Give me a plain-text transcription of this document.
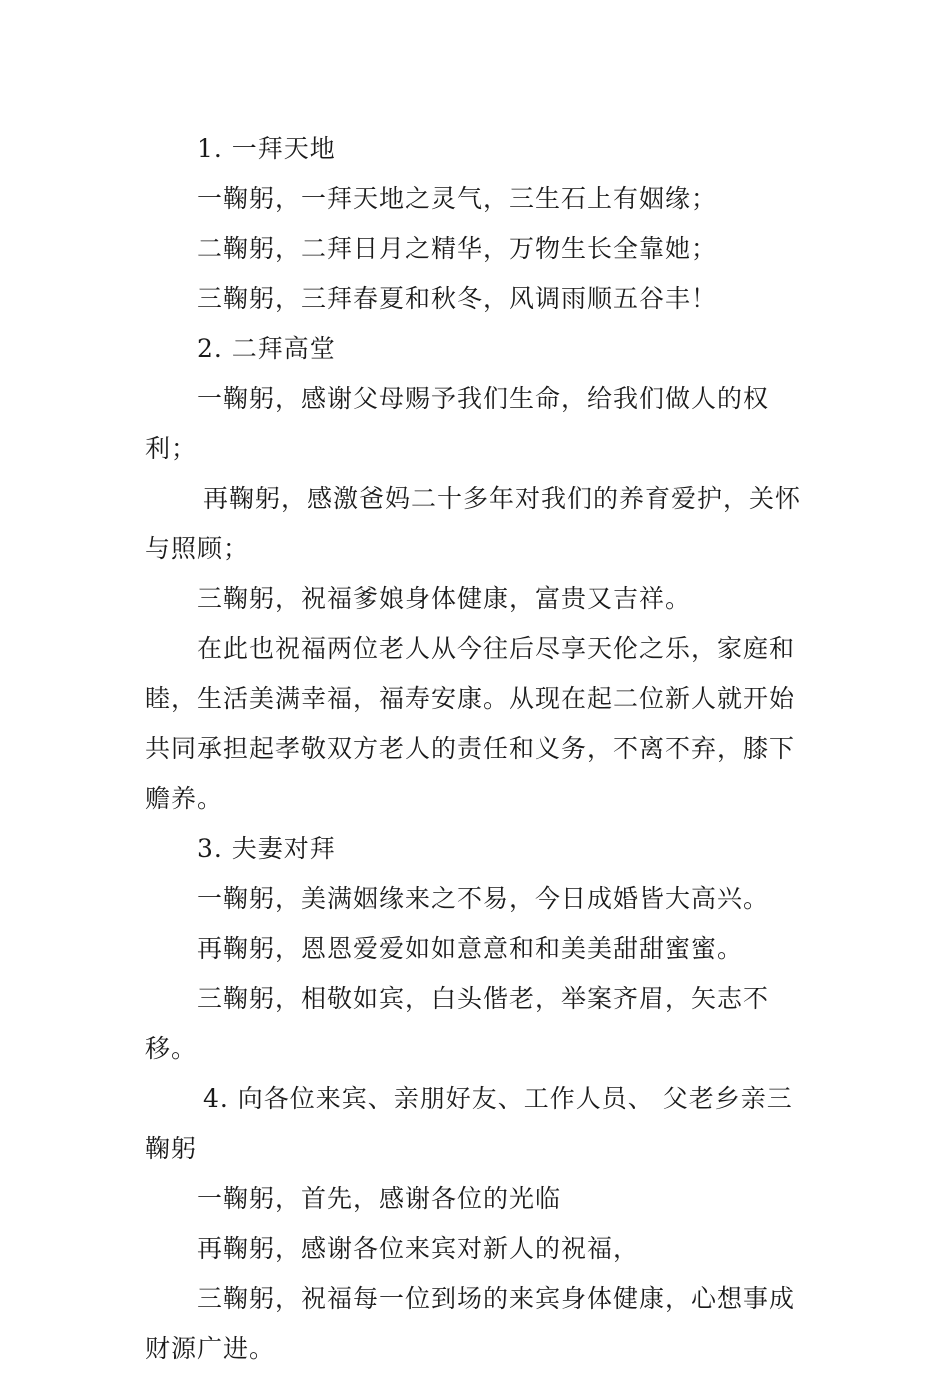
1. 一拜天地

一鞠躬，一拜天地之灵气，三生石上有姻缘；

二鞠躬，二拜日月之精华，万物生长全靠她；

三鞠躬，三拜春夏和秋冬，风调雨顺五谷丰！

2. 二拜高堂

一鞠躬，感谢父母赐予我们生命，给我们做人的权利；

再鞠躬，感激爸妈二十多年对我们的养育爱护，关怀与照顾；

三鞠躬，祝福爹娘身体健康，富贵又吉祥。

在此也祝福两位老人从今往后尽享天伦之乐，家庭和睦，生活美满幸福，福寿安康。从现在起二位新人就开始共同承担起孝敬双方老人的责任和义务，不离不弃，膝下赡养。

3. 夫妻对拜

一鞠躬，美满姻缘来之不易，今日成婚皆大高兴。

再鞠躬，恩恩爱爱如如意意和和美美甜甜蜜蜜。

三鞠躬，相敬如宾，白头偕老，举案齐眉，矢志不移。

4. 向各位来宾、亲朋好友、工作人员、 父老乡亲三鞠躬

一鞠躬，首先，感谢各位的光临

再鞠躬，感谢各位来宾对新人的祝福，

三鞠躬，祝福每一位到场的来宾身体健康，心想事成财源广进。
